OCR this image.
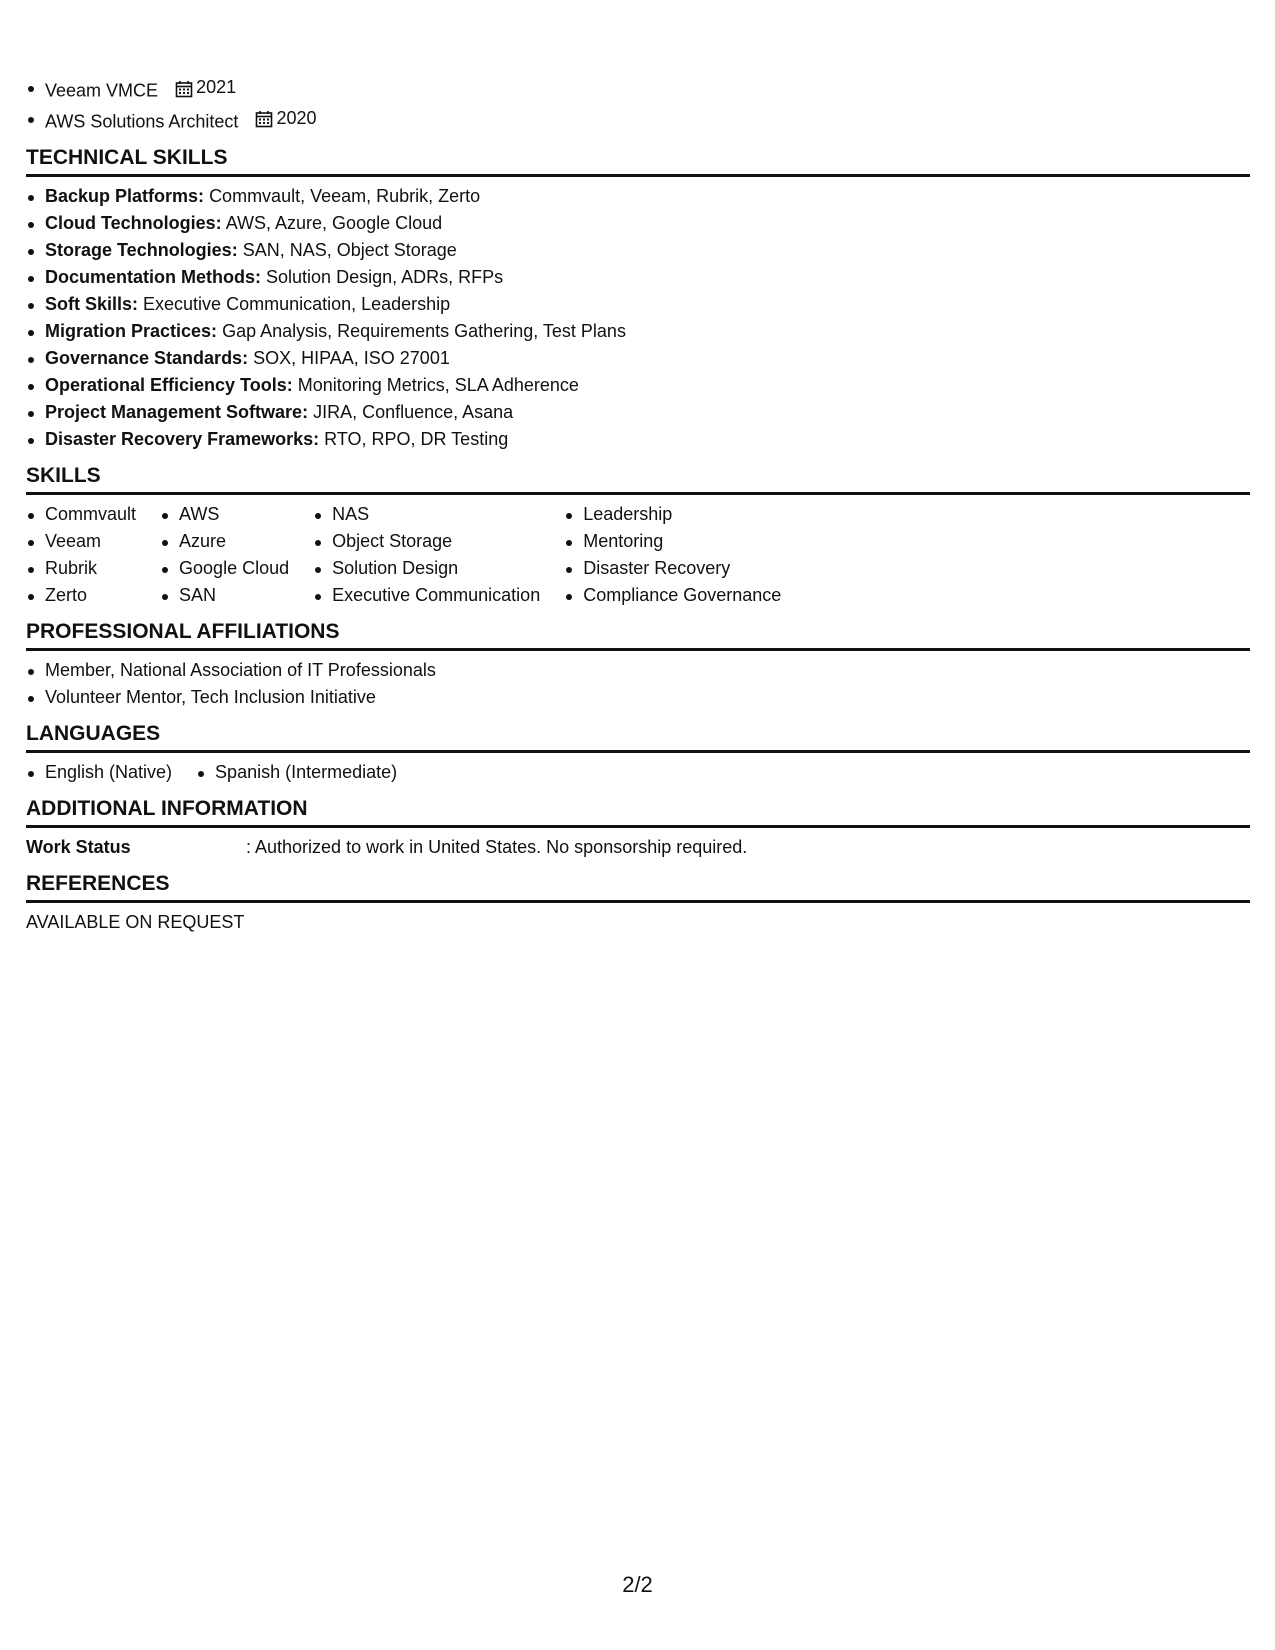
Veeam VMCE 2021
AWS Solutions Architect 2020
TECHNICAL SKILLS
Backup Platforms: Commvault, Veeam, Rubrik, Zerto
Cloud Technologies: AWS, Azure, Google Cloud
Storage Technologies: SAN, NAS, Object Storage
Documentation Methods: Solution Design, ADRs, RFPs
Soft Skills: Executive Communication, Leadership
Migration Practices: Gap Analysis, Requirements Gathering, Test Plans
Governance Standards: SOX, HIPAA, ISO 27001
Operational Efficiency Tools: Monitoring Metrics, SLA Adherence
Project Management Software: JIRA, Confluence, Asana
Disaster Recovery Frameworks: RTO, RPO, DR Testing
SKILLS
Commvault
Veeam
Rubrik
Zerto
AWS
Azure
Google Cloud
SAN
NAS
Object Storage
Solution Design
Executive Communication
Leadership
Mentoring
Disaster Recovery
Compliance Governance
PROFESSIONAL AFFILIATIONS
Member, National Association of IT Professionals
Volunteer Mentor, Tech Inclusion Initiative
LANGUAGES
English (Native)	Spanish (Intermediate)
ADDITIONAL INFORMATION
Work Status	: Authorized to work in United States. No sponsorship required.
REFERENCES
AVAILABLE ON REQUEST
2/2
